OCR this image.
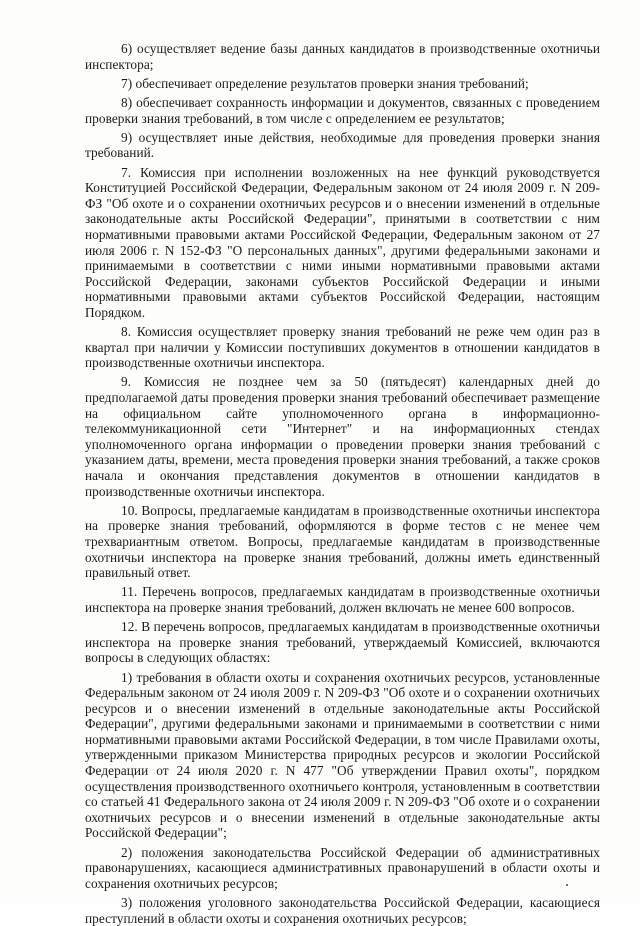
6) осуществляет ведение базы данных кандидатов в производственные охотничьи инспектора;

7) обеспечивает определение результатов проверки знания требований;

8) обеспечивает сохранность информации и документов, связанных с проведением проверки знания требований, в том числе с определением ее результатов;

9) осуществляет иные действия, необходимые для проведения проверки знания требований.

7. Комиссия при исполнении возложенных на нее функций руководствуется Конституцией Российской Федерации, Федеральным законом от 24 июля 2009 г. N 209-ФЗ "Об охоте и о сохранении охотничьих ресурсов и о внесении изменений в отдельные законодательные акты Российской Федерации", принятыми в соответствии с ним нормативными правовыми актами Российской Федерации, Федеральным законом от 27 июля 2006 г. N 152-ФЗ "О персональных данных", другими федеральными законами и принимаемыми в соответствии с ними иными нормативными правовыми актами Российской Федерации, законами субъектов Российской Федерации и иными нормативными правовыми актами субъектов Российской Федерации, настоящим Порядком.

8. Комиссия осуществляет проверку знания требований не реже чем один раз в квартал при наличии у Комиссии поступивших документов в отношении кандидатов в производственные охотничьи инспектора.

9. Комиссия не позднее чем за 50 (пятьдесят) календарных дней до предполагаемой даты проведения проверки знания требований обеспечивает размещение на официальном сайте уполномоченного органа в информационно-телекоммуникационной сети "Интернет" и на информационных стендах уполномоченного органа информации о проведении проверки знания требований с указанием даты, времени, места проведения проверки знания требований, а также сроков начала и окончания представления документов в отношении кандидатов в производственные охотничьи инспектора.

10. Вопросы, предлагаемые кандидатам в производственные охотничьи инспектора на проверке знания требований, оформляются в форме тестов с не менее чем трехвариантным ответом. Вопросы, предлагаемые кандидатам в производственные охотничьи инспектора на проверке знания требований, должны иметь единственный правильный ответ.

11. Перечень вопросов, предлагаемых кандидатам в производственные охотничьи инспектора на проверке знания требований, должен включать не менее 600 вопросов.

12. В перечень вопросов, предлагаемых кандидатам в производственные охотничьи инспектора на проверке знания требований, утверждаемый Комиссией, включаются вопросы в следующих областях:

1) требования в области охоты и сохранения охотничьих ресурсов, установленные Федеральным законом от 24 июля 2009 г. N 209-ФЗ "Об охоте и о сохранении охотничьих ресурсов и о внесении изменений в отдельные законодательные акты Российской Федерации", другими федеральными законами и принимаемыми в соответствии с ними нормативными правовыми актами Российской Федерации, в том числе Правилами охоты, утвержденными приказом Министерства природных ресурсов и экологии Российской Федерации от 24 июля 2020 г. N 477 "Об утверждении Правил охоты", порядком осуществления производственного охотничьего контроля, установленным в соответствии со статьей 41 Федерального закона от 24 июля 2009 г. N 209-ФЗ "Об охоте и о сохранении охотничьих ресурсов и о внесении изменений в отдельные законодательные акты Российской Федерации";

2) положения законодательства Российской Федерации об административных правонарушениях, касающиеся административных правонарушений в области охоты и сохранения охотничьих ресурсов;

3) положения уголовного законодательства Российской Федерации, касающиеся преступлений в области охоты и сохранения охотничьих ресурсов;
